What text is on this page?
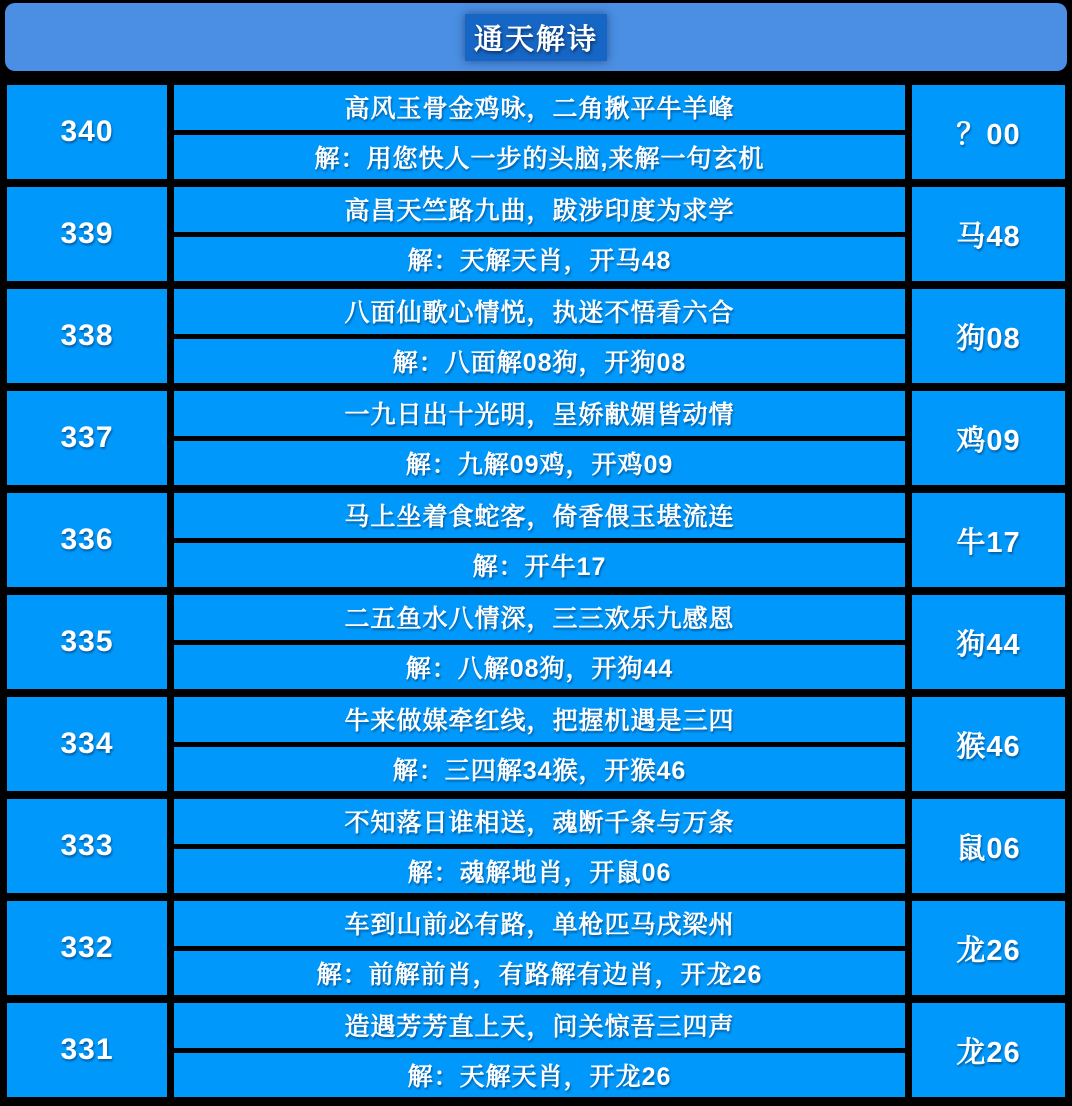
通天解诗
340
高风玉骨金鸡咏，二角揪平牛羊峰
解：用您快人一步的头脑,来解一句玄机
？00
339
高昌天竺路九曲，跋涉印度为求学
解：天解天肖，开马48
马48
338
八面仙歌心情悦，执迷不悟看六合
解：八面解08狗，开狗08
狗08
337
一九日出十光明，呈娇献媚皆动情
解：九解09鸡，开鸡09
鸡09
336
马上坐着食蛇客，倚香偎玉堪流连
解：开牛17
牛17
335
二五鱼水八情深，三三欢乐九感恩
解：八解08狗，开狗44
狗44
334
牛来做媒牵红线，把握机遇是三四
解：三四解34猴，开猴46
猴46
333
不知落日谁相送，魂断千条与万条
解：魂解地肖，开鼠06
鼠06
332
车到山前必有路，单枪匹马戌梁州
解：前解前肖，有路解有边肖，开龙26
龙26
331
造遇芳芳直上天，问关惊吾三四声
解：天解天肖，开龙26
龙26
